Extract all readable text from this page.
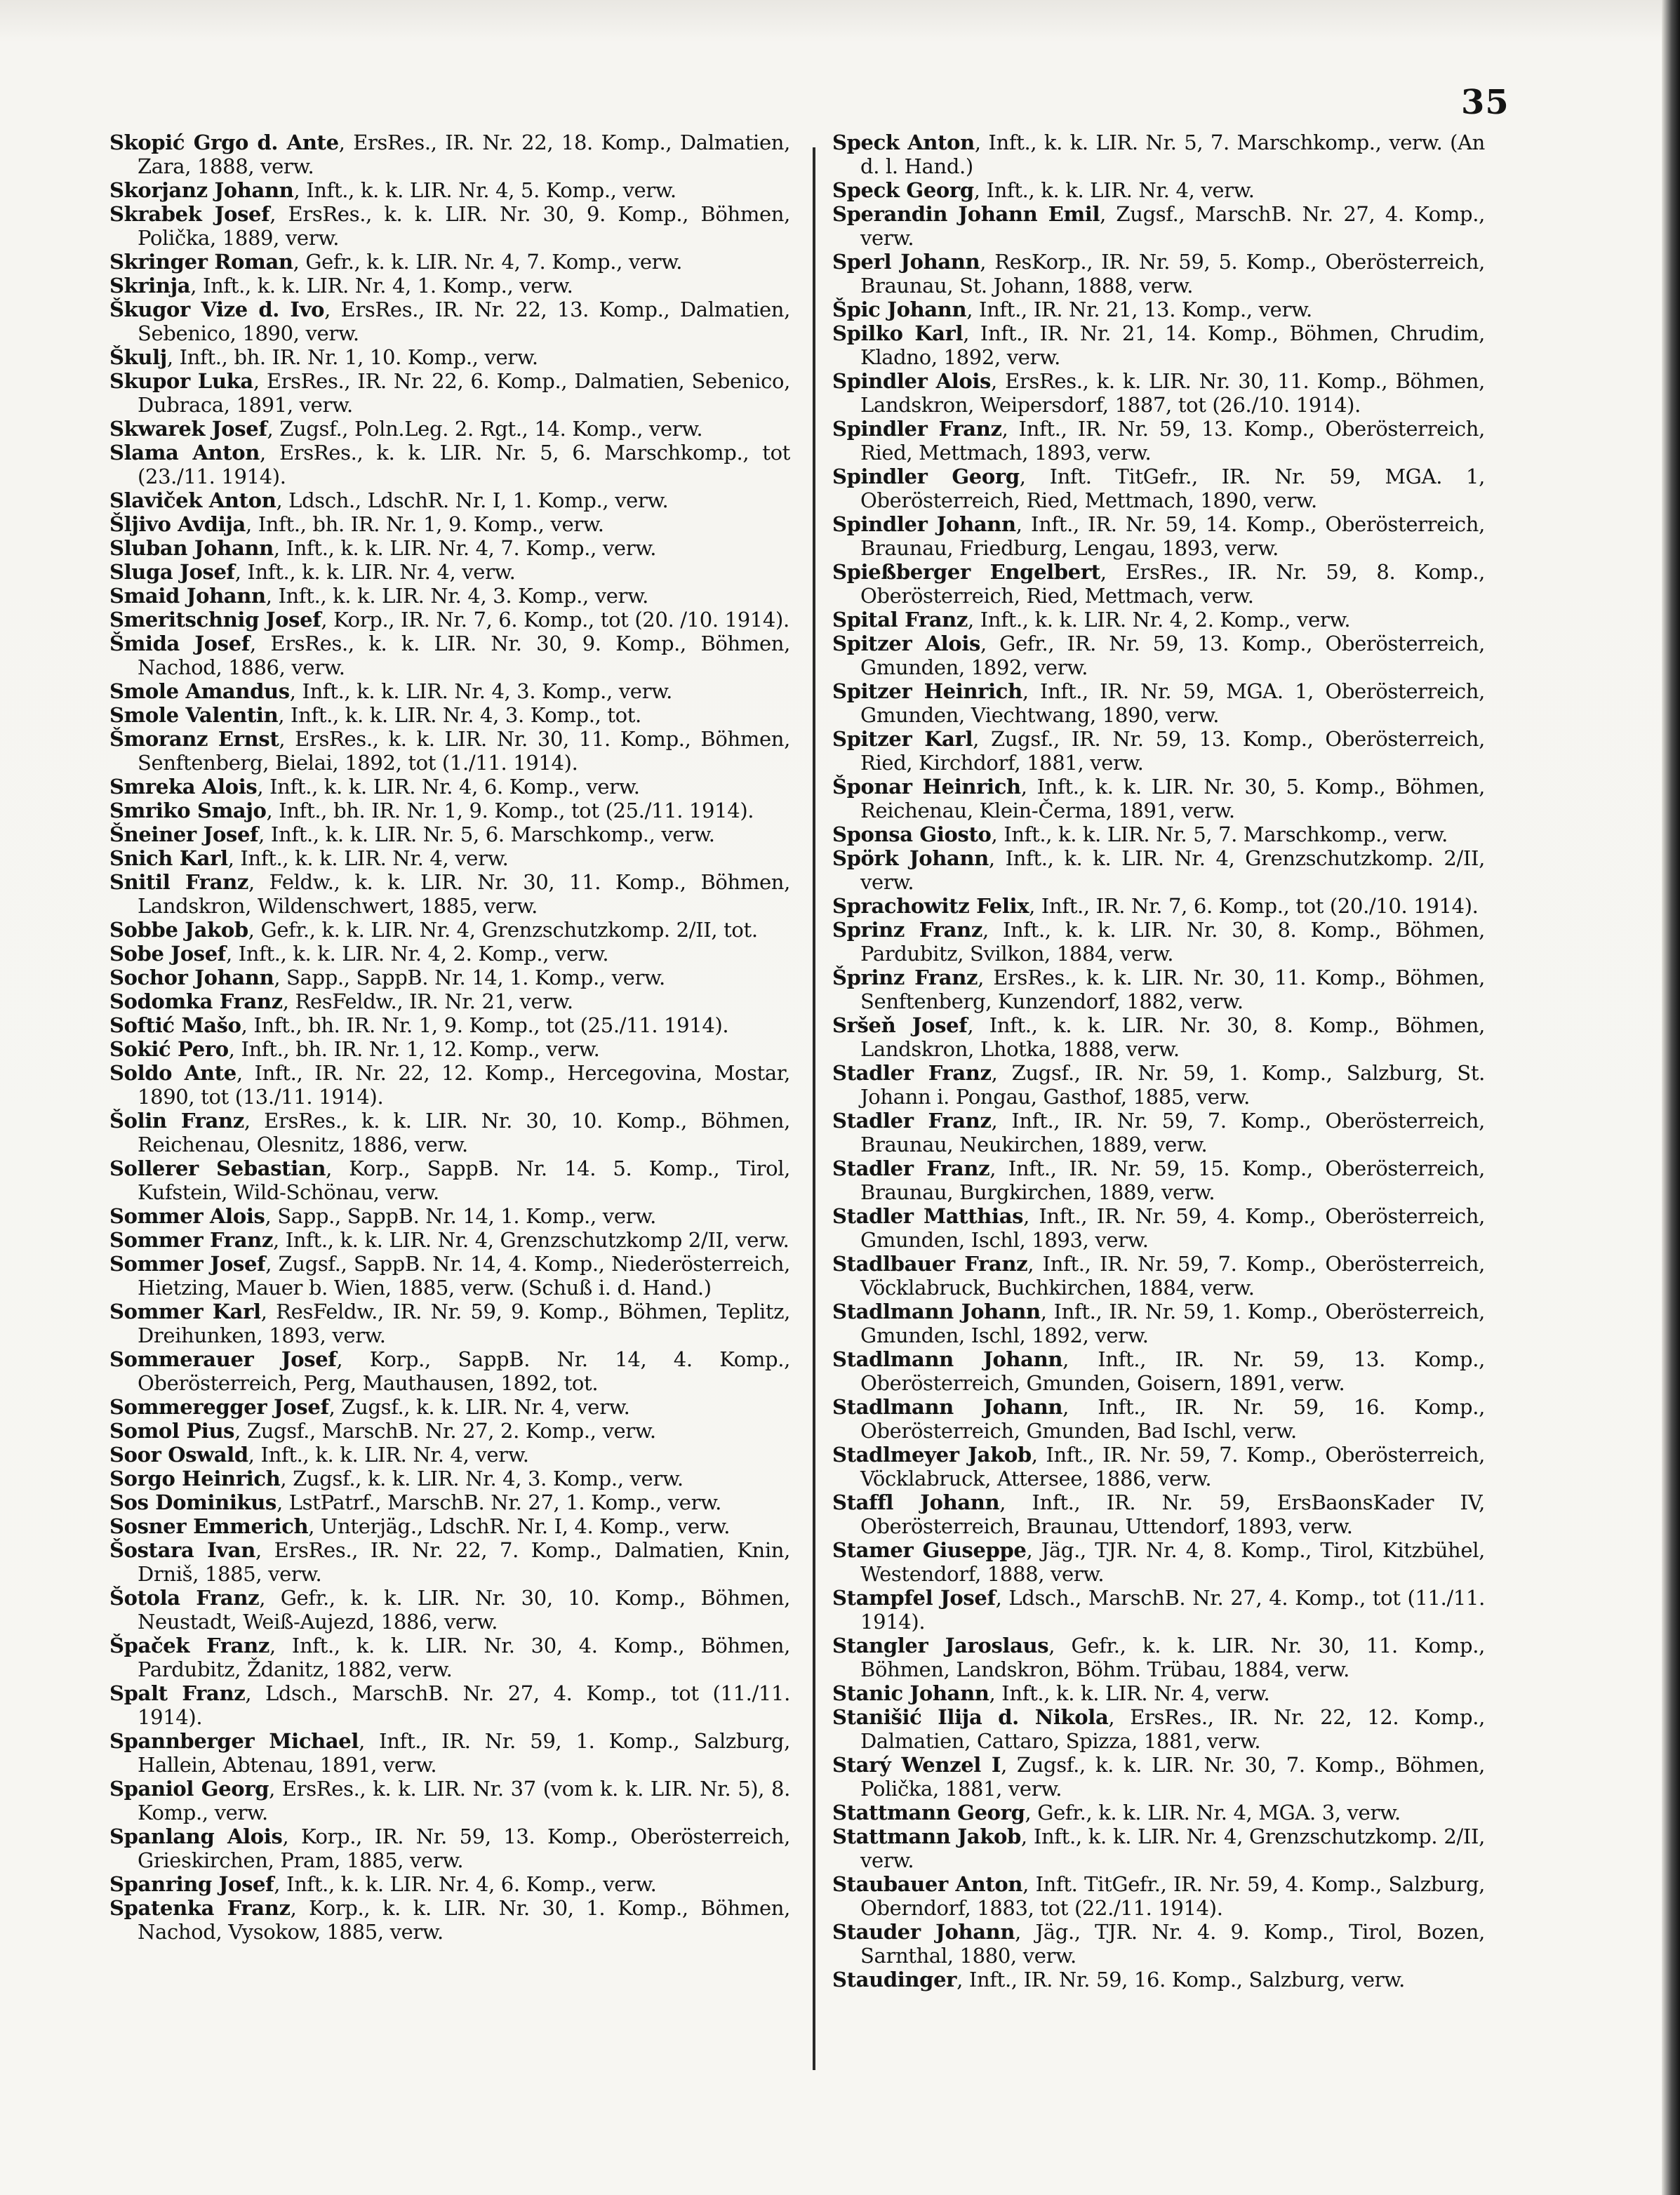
35

Skopić Grgo d. Ante, ErsRes., IR. Nr. 22, 18. Komp., Dalmatien, Zara, 1888, verw.

Skorjanz Johann, Inft., k. k. LIR. Nr. 4, 5. Komp., verw.

Skrabek Josef, ErsRes., k. k. LIR. Nr. 30, 9. Komp., Böhmen, Polička, 1889, verw.

Skringer Roman, Gefr., k. k. LIR. Nr. 4, 7. Komp., verw.

Skrinja, Inft., k. k. LIR. Nr. 4, 1. Komp., verw.

Škugor Vize d. Ivo, ErsRes., IR. Nr. 22, 13. Komp., Dalmatien, Sebenico, 1890, verw.

Škulj, Inft., bh. IR. Nr. 1, 10. Komp., verw.

Skupor Luka, ErsRes., IR. Nr. 22, 6. Komp., Dalmatien, Sebenico, Dubraca, 1891, verw.

Skwarek Josef, Zugsf., Poln.Leg. 2. Rgt., 14. Komp., verw.

Slama Anton, ErsRes., k. k. LIR. Nr. 5, 6. Marschkomp., tot (23./11. 1914).

Slaviček Anton, Ldsch., LdschR. Nr. I, 1. Komp., verw.

Šljivo Avdija, Inft., bh. IR. Nr. 1, 9. Komp., verw.

Sluban Johann, Inft., k. k. LIR. Nr. 4, 7. Komp., verw.

Sluga Josef, Inft., k. k. LIR. Nr. 4, verw.

Smaid Johann, Inft., k. k. LIR. Nr. 4, 3. Komp., verw.

Smeritschnig Josef, Korp., IR. Nr. 7, 6. Komp., tot (20. /10. 1914).

Šmida Josef, ErsRes., k. k. LIR. Nr. 30, 9. Komp., Böhmen, Nachod, 1886, verw.

Smole Amandus, Inft., k. k. LIR. Nr. 4, 3. Komp., verw.

Smole Valentin, Inft., k. k. LIR. Nr. 4, 3. Komp., tot.

Šmoranz Ernst, ErsRes., k. k. LIR. Nr. 30, 11. Komp., Böhmen, Senftenberg, Bielai, 1892, tot (1./11. 1914).

Smreka Alois, Inft., k. k. LIR. Nr. 4, 6. Komp., verw.

Smriko Smajo, Inft., bh. IR. Nr. 1, 9. Komp., tot (25./11. 1914).

Šneiner Josef, Inft., k. k. LIR. Nr. 5, 6. Marschkomp., verw.

Snich Karl, Inft., k. k. LIR. Nr. 4, verw.

Snitil Franz, Feldw., k. k. LIR. Nr. 30, 11. Komp., Böhmen, Landskron, Wildenschwert, 1885, verw.

Sobbe Jakob, Gefr., k. k. LIR. Nr. 4, Grenzschutzkomp. 2/II, tot.

Sobe Josef, Inft., k. k. LIR. Nr. 4, 2. Komp., verw.

Sochor Johann, Sapp., SappB. Nr. 14, 1. Komp., verw.

Sodomka Franz, ResFeldw., IR. Nr. 21, verw.

Softić Mašo, Inft., bh. IR. Nr. 1, 9. Komp., tot (25./11. 1914).

Sokić Pero, Inft., bh. IR. Nr. 1, 12. Komp., verw.

Soldo Ante, Inft., IR. Nr. 22, 12. Komp., Hercegovina, Mostar, 1890, tot (13./11. 1914).

Šolin Franz, ErsRes., k. k. LIR. Nr. 30, 10. Komp., Böhmen, Reichenau, Olesnitz, 1886, verw.

Sollerer Sebastian, Korp., SappB. Nr. 14. 5. Komp., Tirol, Kufstein, Wild-Schönau, verw.

Sommer Alois, Sapp., SappB. Nr. 14, 1. Komp., verw.

Sommer Franz, Inft., k. k. LIR. Nr. 4, Grenzschutzkomp 2/II, verw.

Sommer Josef, Zugsf., SappB. Nr. 14, 4. Komp., Niederösterreich, Hietzing, Mauer b. Wien, 1885, verw. (Schuß i. d. Hand.)

Sommer Karl, ResFeldw., IR. Nr. 59, 9. Komp., Böhmen, Teplitz, Dreihunken, 1893, verw.

Sommerauer Josef, Korp., SappB. Nr. 14, 4. Komp., Oberösterreich, Perg, Mauthausen, 1892, tot.

Sommeregger Josef, Zugsf., k. k. LIR. Nr. 4, verw.

Somol Pius, Zugsf., MarschB. Nr. 27, 2. Komp., verw.

Soor Oswald, Inft., k. k. LIR. Nr. 4, verw.

Sorgo Heinrich, Zugsf., k. k. LIR. Nr. 4, 3. Komp., verw.

Sos Dominikus, LstPatrf., MarschB. Nr. 27, 1. Komp., verw.

Sosner Emmerich, Unterjäg., LdschR. Nr. I, 4. Komp., verw.

Šostara Ivan, ErsRes., IR. Nr. 22, 7. Komp., Dalmatien, Knin, Drniš, 1885, verw.

Šotola Franz, Gefr., k. k. LIR. Nr. 30, 10. Komp., Böhmen, Neustadt, Weiß-Aujezd, 1886, verw.

Špaček Franz, Inft., k. k. LIR. Nr. 30, 4. Komp., Böhmen, Pardubitz, Ždanitz, 1882, verw.

Spalt Franz, Ldsch., MarschB. Nr. 27, 4. Komp., tot (11./11. 1914).

Spannberger Michael, Inft., IR. Nr. 59, 1. Komp., Salzburg, Hallein, Abtenau, 1891, verw.

Spaniol Georg, ErsRes., k. k. LIR. Nr. 37 (vom k. k. LIR. Nr. 5), 8. Komp., verw.

Spanlang Alois, Korp., IR. Nr. 59, 13. Komp., Oberösterreich, Grieskirchen, Pram, 1885, verw.

Spanring Josef, Inft., k. k. LIR. Nr. 4, 6. Komp., verw.

Spatenka Franz, Korp., k. k. LIR. Nr. 30, 1. Komp., Böhmen, Nachod, Vysokow, 1885, verw.

Speck Anton, Inft., k. k. LIR. Nr. 5, 7. Marschkomp., verw. (An d. l. Hand.)

Speck Georg, Inft., k. k. LIR. Nr. 4, verw.

Sperandin Johann Emil, Zugsf., MarschB. Nr. 27, 4. Komp., verw.

Sperl Johann, ResKorp., IR. Nr. 59, 5. Komp., Oberösterreich, Braunau, St. Johann, 1888, verw.

Špic Johann, Inft., IR. Nr. 21, 13. Komp., verw.

Spilko Karl, Inft., IR. Nr. 21, 14. Komp., Böhmen, Chrudim, Kladno, 1892, verw.

Spindler Alois, ErsRes., k. k. LIR. Nr. 30, 11. Komp., Böhmen, Landskron, Weipersdorf, 1887, tot (26./10. 1914).

Spindler Franz, Inft., IR. Nr. 59, 13. Komp., Oberösterreich, Ried, Mettmach, 1893, verw.

Spindler Georg, Inft. TitGefr., IR. Nr. 59, MGA. 1, Oberösterreich, Ried, Mettmach, 1890, verw.

Spindler Johann, Inft., IR. Nr. 59, 14. Komp., Oberösterreich, Braunau, Friedburg, Lengau, 1893, verw.

Spießberger Engelbert, ErsRes., IR. Nr. 59, 8. Komp., Oberösterreich, Ried, Mettmach, verw.

Spital Franz, Inft., k. k. LIR. Nr. 4, 2. Komp., verw.

Spitzer Alois, Gefr., IR. Nr. 59, 13. Komp., Oberösterreich, Gmunden, 1892, verw.

Spitzer Heinrich, Inft., IR. Nr. 59, MGA. 1, Oberösterreich, Gmunden, Viechtwang, 1890, verw.

Spitzer Karl, Zugsf., IR. Nr. 59, 13. Komp., Oberösterreich, Ried, Kirchdorf, 1881, verw.

Šponar Heinrich, Inft., k. k. LIR. Nr. 30, 5. Komp., Böhmen, Reichenau, Klein-Čerma, 1891, verw.

Sponsa Giosto, Inft., k. k. LIR. Nr. 5, 7. Marschkomp., verw.

Spörk Johann, Inft., k. k. LIR. Nr. 4, Grenzschutzkomp. 2/II, verw.

Sprachowitz Felix, Inft., IR. Nr. 7, 6. Komp., tot (20./10. 1914).

Sprinz Franz, Inft., k. k. LIR. Nr. 30, 8. Komp., Böhmen, Pardubitz, Svilkon, 1884, verw.

Šprinz Franz, ErsRes., k. k. LIR. Nr. 30, 11. Komp., Böhmen, Senftenberg, Kunzendorf, 1882, verw.

Sršeň Josef, Inft., k. k. LIR. Nr. 30, 8. Komp., Böhmen, Landskron, Lhotka, 1888, verw.

Stadler Franz, Zugsf., IR. Nr. 59, 1. Komp., Salzburg, St. Johann i. Pongau, Gasthof, 1885, verw.

Stadler Franz, Inft., IR. Nr. 59, 7. Komp., Oberösterreich, Braunau, Neukirchen, 1889, verw.

Stadler Franz, Inft., IR. Nr. 59, 15. Komp., Oberösterreich, Braunau, Burgkirchen, 1889, verw.

Stadler Matthias, Inft., IR. Nr. 59, 4. Komp., Oberösterreich, Gmunden, Ischl, 1893, verw.

Stadlbauer Franz, Inft., IR. Nr. 59, 7. Komp., Oberösterreich, Vöcklabruck, Buchkirchen, 1884, verw.

Stadlmann Johann, Inft., IR. Nr. 59, 1. Komp., Oberösterreich, Gmunden, Ischl, 1892, verw.

Stadlmann Johann, Inft., IR. Nr. 59, 13. Komp., Oberösterreich, Gmunden, Goisern, 1891, verw.

Stadlmann Johann, Inft., IR. Nr. 59, 16. Komp., Oberösterreich, Gmunden, Bad Ischl, verw.

Stadlmeyer Jakob, Inft., IR. Nr. 59, 7. Komp., Oberösterreich, Vöcklabruck, Attersee, 1886, verw.

Staffl Johann, Inft., IR. Nr. 59, ErsBaonsKader IV, Oberösterreich, Braunau, Uttendorf, 1893, verw.

Stamer Giuseppe, Jäg., TJR. Nr. 4, 8. Komp., Tirol, Kitzbühel, Westendorf, 1888, verw.

Stampfel Josef, Ldsch., MarschB. Nr. 27, 4. Komp., tot (11./11. 1914).

Stangler Jaroslaus, Gefr., k. k. LIR. Nr. 30, 11. Komp., Böhmen, Landskron, Böhm. Trübau, 1884, verw.

Stanic Johann, Inft., k. k. LIR. Nr. 4, verw.

Stanišić Ilija d. Nikola, ErsRes., IR. Nr. 22, 12. Komp., Dalmatien, Cattaro, Spizza, 1881, verw.

Starý Wenzel I, Zugsf., k. k. LIR. Nr. 30, 7. Komp., Böhmen, Polička, 1881, verw.

Stattmann Georg, Gefr., k. k. LIR. Nr. 4, MGA. 3, verw.

Stattmann Jakob, Inft., k. k. LIR. Nr. 4, Grenzschutzkomp. 2/II, verw.

Staubauer Anton, Inft. TitGefr., IR. Nr. 59, 4. Komp., Salzburg, Oberndorf, 1883, tot (22./11. 1914).

Stauder Johann, Jäg., TJR. Nr. 4. 9. Komp., Tirol, Bozen, Sarnthal, 1880, verw.

Staudinger, Inft., IR. Nr. 59, 16. Komp., Salzburg, verw.
